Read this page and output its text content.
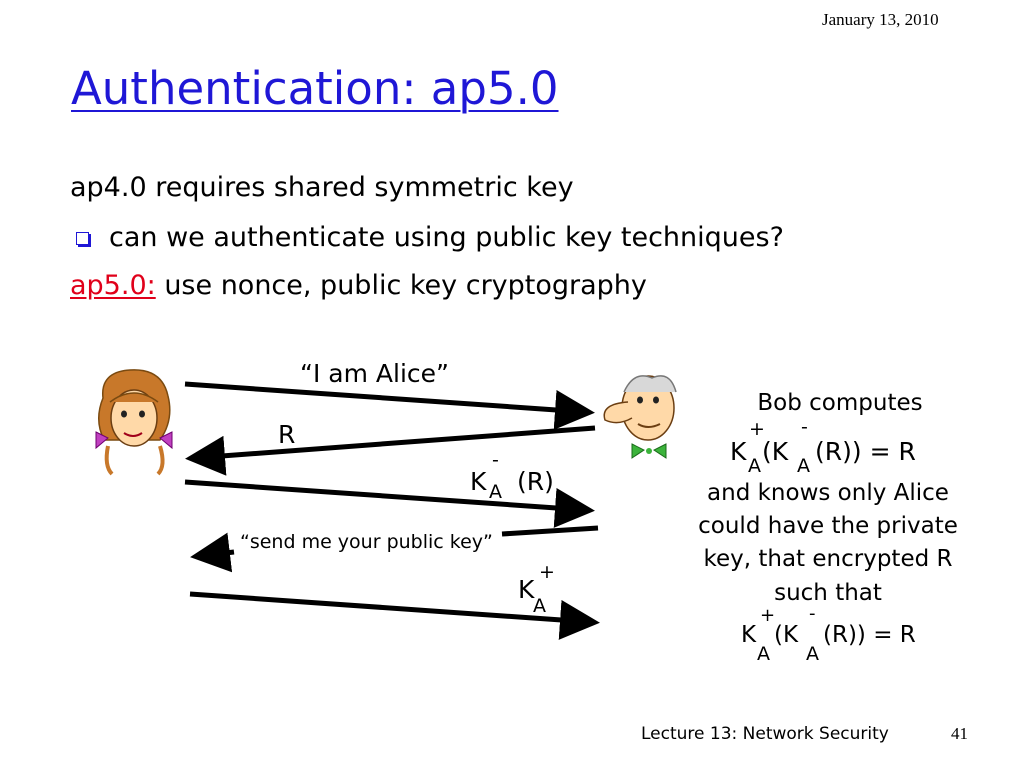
January 13, 2010
Authentication: ap5.0
ap4.0 requires shared symmetric key
can we authenticate using public key techniques?
ap5.0: use nonce, public key cryptography
“I am Alice”
R
K
-
A (R)
“send me your public key”
K
+
A
Bob computes
K
+
A (K
-
A (R)) = R
and knows only Alice
could have the private
key, that encrypted R
such that
K
+
A
(K
-
A
(R)) = R
Lecture 13: Network Security	41
